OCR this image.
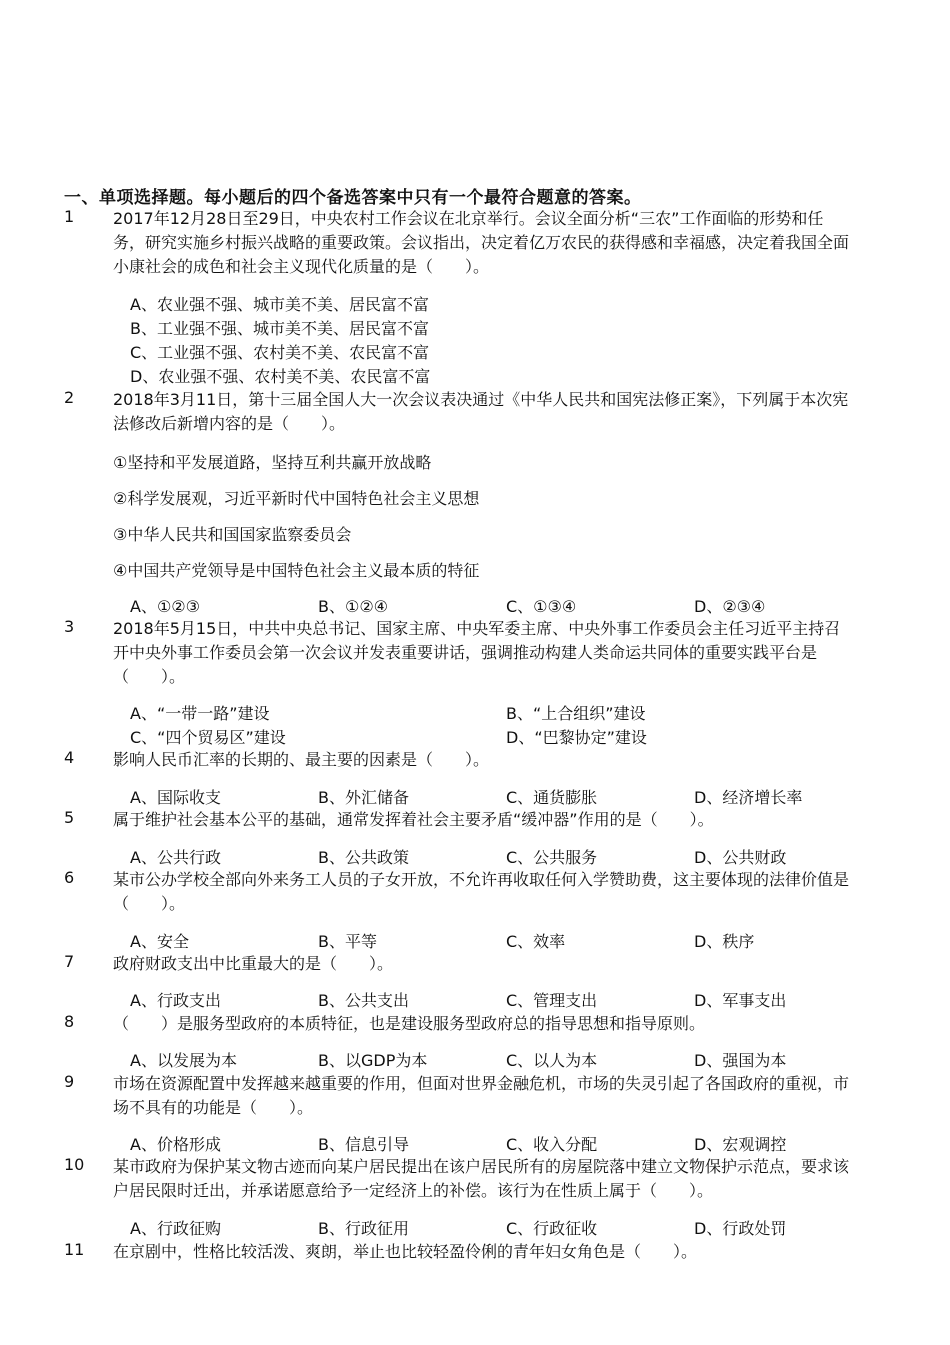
一、单项选择题。每小题后的四个备选答案中只有一个最符合题意的答案。
1	2017年12月28日至29日，中央农村工作会议在北京举行。会议全面分析“三农”工作面临的形势和任务，研究实施乡村振兴战略的重要政策。会议指出，决定着亿万农民的获得感和幸福感，决定着我国全面小康社会的成色和社会主义现代化质量的是（　　）。
A、农业强不强、城市美不美、居民富不富
B、工业强不强、城市美不美、居民富不富
C、工业强不强、农村美不美、农民富不富
D、农业强不强、农村美不美、农民富不富
2	2018年3月11日，第十三届全国人大一次会议表决通过《中华人民共和国宪法修正案》，下列属于本次宪法修改后新增内容的是（　　）。
①坚持和平发展道路，坚持互利共赢开放战略
②科学发展观，习近平新时代中国特色社会主义思想
③中华人民共和国国家监察委员会
④中国共产党领导是中国特色社会主义最本质的特征
A、①②③	B、①②④	C、①③④	D、②③④
3	2018年5月15日，中共中央总书记、国家主席、中央军委主席、中央外事工作委员会主任习近平主持召开中央外事工作委员会第一次会议并发表重要讲话，强调推动构建人类命运共同体的重要实践平台是（　　）。
A、“一带一路”建设	B、“上合组织”建设
C、“四个贸易区”建设	D、“巴黎协定”建设
4	影响人民币汇率的长期的、最主要的因素是（　　）。
A、国际收支	B、外汇储备	C、通货膨胀	D、经济增长率
5	属于维护社会基本公平的基础，通常发挥着社会主要矛盾“缓冲器”作用的是（　　）。
A、公共行政	B、公共政策	C、公共服务	D、公共财政
6	某市公办学校全部向外来务工人员的子女开放，不允许再收取任何入学赞助费，这主要体现的法律价值是（　　）。
A、安全	B、平等	C、效率	D、秩序
7	政府财政支出中比重最大的是（　　）。
A、行政支出	B、公共支出	C、管理支出	D、军事支出
8	（　　）是服务型政府的本质特征，也是建设服务型政府总的指导思想和指导原则。
A、以发展为本	B、以GDP为本	C、以人为本	D、强国为本
9	市场在资源配置中发挥越来越重要的作用，但面对世界金融危机，市场的失灵引起了各国政府的重视，市场不具有的功能是（　　）。
A、价格形成	B、信息引导	C、收入分配	D、宏观调控
10	某市政府为保护某文物古迹而向某户居民提出在该户居民所有的房屋院落中建立文物保护示范点，要求该户居民限时迁出，并承诺愿意给予一定经济上的补偿。该行为在性质上属于（　　）。
A、行政征购	B、行政征用	C、行政征收	D、行政处罚
11	在京剧中，性格比较活泼、爽朗，举止也比较轻盈伶俐的青年妇女角色是（　　）。
